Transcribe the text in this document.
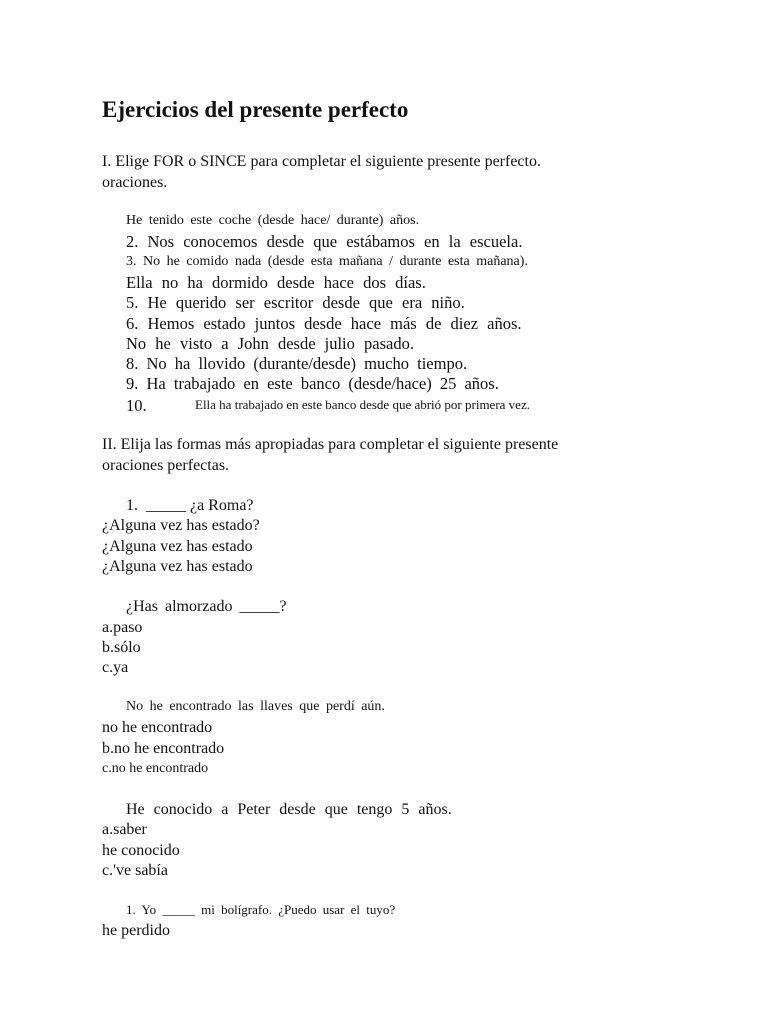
Ejercicios del presente perfecto

I. Elige FOR o SINCE para completar el siguiente presente perfecto.

oraciones.

He tenido este coche (desde hace/ durante) años.

2. Nos conocemos desde que estábamos en la escuela.

3. No he comido nada (desde esta mañana / durante esta mañana).

Ella no ha dormido desde hace dos días.

5. He querido ser escritor desde que era niño.

6. Hemos estado juntos desde hace más de diez años.

No he visto a John desde julio pasado.

8. No ha llovido (durante/desde) mucho tiempo.

9. Ha trabajado en este banco (desde/hace) 25 años.

10.	Ella ha trabajado en este banco desde que abrió por primera vez.

II. Elija las formas más apropiadas para completar el siguiente presente

oraciones perfectas.

1.  _____ ¿a Roma?

¿Alguna vez has estado?

¿Alguna vez has estado

¿Alguna vez has estado

¿Has almorzado _____?

a.paso

b.sólo

c.ya

No he encontrado las llaves que perdí aún.

no he encontrado

b.no he encontrado

c.no he encontrado

He conocido a Peter desde que tengo 5 años.

a.saber

he conocido

c.'ve sabía

1. Yo _____ mi bolígrafo. ¿Puedo usar el tuyo?

he perdido
